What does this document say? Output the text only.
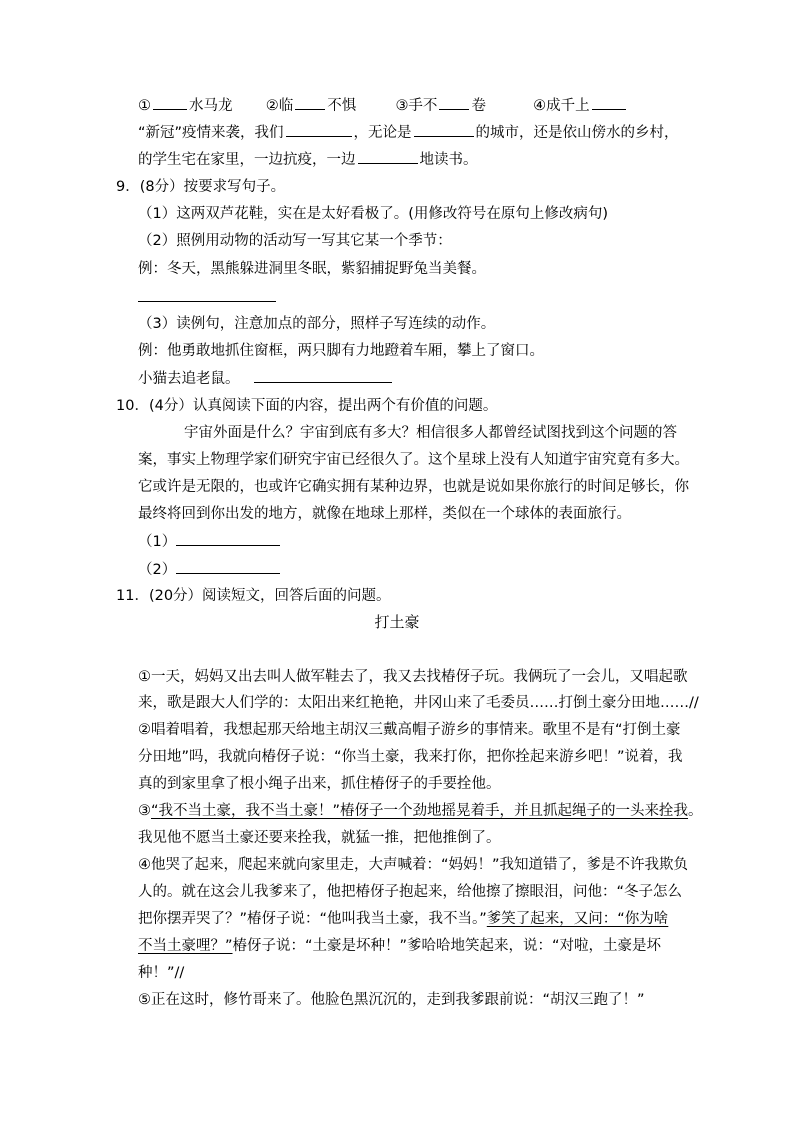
①	水马龙 ②临 不惧	③手不 卷	④成千上
“新冠”疫情来袭，我们	，无论是	的城市，还是依山傍水的乡村，
的学生宅在家里，一边抗疫，一边	地读书。
9．(8分）按要求写句子。
（1）这两双芦花鞋，实在是太好看极了。(用修改符号在原句上修改病句)
（2）照例用动物的活动写一写其它某一个季节：
例：冬天，黑熊躲进洞里冬眠，紫貂捕捉野兔当美餐。
（3）读例句，注意加点的部分，照样子写连续的动作。
例：他勇敢地抓住窗框，两只脚有力地蹬着车厢，攀上了窗口。
小猫去追老鼠。
10．(4分）认真阅读下面的内容，提出两个有价值的问题。
宇宙外面是什么？宇宙到底有多大？相信很多人都曾经试图找到这个问题的答
案，事实上物理学家们研究宇宙已经很久了。这个星球上没有人知道宇宙究竟有多大。
它或许是无限的，也或许它确实拥有某种边界，也就是说如果你旅行的时间足够长，你
最终将回到你出发的地方，就像在地球上那样，类似在一个球体的表面旅行。
（1）
（2）
11．(20分）阅读短文，回答后面的问题。
打土豪
①一天，妈妈又出去叫人做军鞋去了，我又去找椿伢子玩。我俩玩了一会儿，又唱起歌
来，歌是跟大人们学的：太阳出来红艳艳，井冈山来了毛委员……打倒土豪分田地……//
②唱着唱着，我想起那天给地主胡汉三戴高帽子游乡的事情来。歌里不是有“打倒土豪
分田地”吗，我就向椿伢子说：“你当土豪，我来打你，把你拴起来游乡吧！”说着，我
真的到家里拿了根小绳子出来，抓住椿伢子的手要拴他。
③“我不当土豪，我不当土豪！”椿伢子一个劲地摇晃着手，并且抓起绳子的一头来拴我。
我见他不愿当土豪还要来拴我，就猛一推，把他推倒了。
④他哭了起来，爬起来就向家里走，大声喊着：“妈妈！”我知道错了，爹是不许我欺负
人的。就在这会儿我爹来了，他把椿伢子抱起来，给他擦了擦眼泪，问他：“冬子怎么
把你摆弄哭了？”椿伢子说：“他叫我当土豪，我不当。”爹笑了起来，又问：“你为啥
不当土豪哩？”椿伢子说：“土豪是坏种！”爹哈哈地笑起来，说：“对啦，土豪是坏
种！”//
⑤正在这时，修竹哥来了。他脸色黑沉沉的，走到我爹跟前说：“胡汉三跑了！”
